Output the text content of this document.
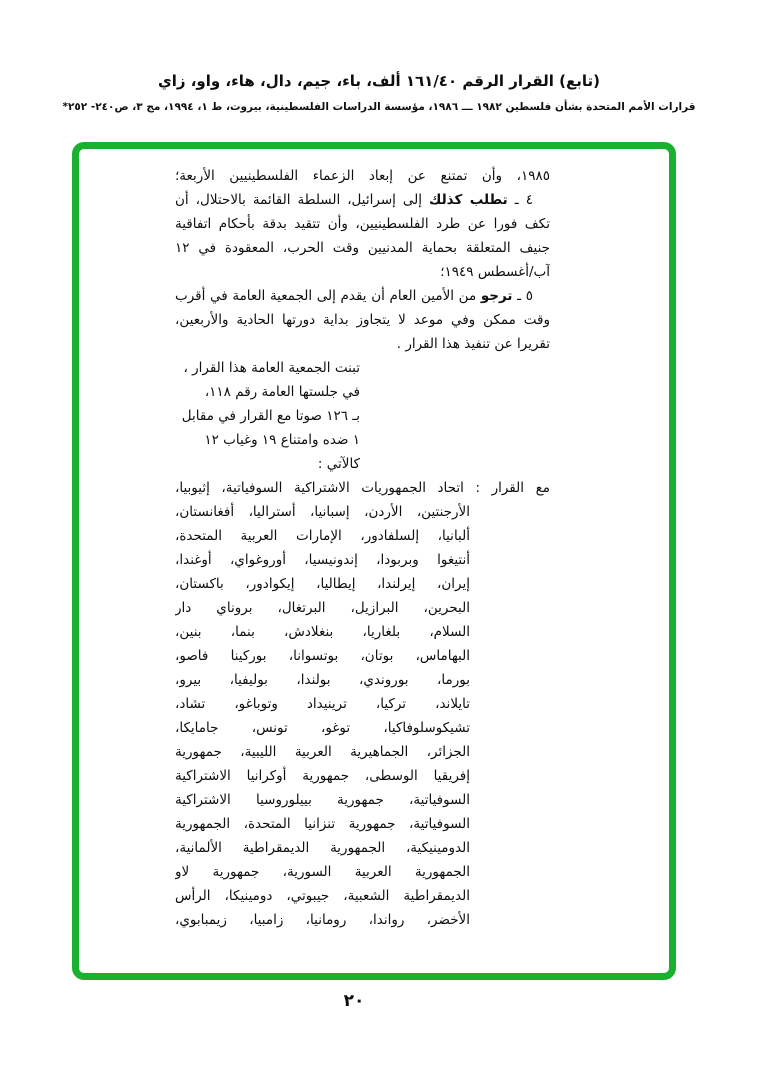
(تابع) القرار الرقم ١٦١/٤٠ ألف، باء، جيم، دال، هاء، واو، زاي
قرارات الأمم المتحدة بشأن فلسطين ١٩٨٢ ـــ ١٩٨٦، مؤسسة الدراسات الفلسطينية، بيروت، ط ١، ١٩٩٤، مج ٣، ص٢٤٠- ٢٥٢*
١٩٨٥، وأن تمتنع عن إبعاد الزعماء الفلسطينيين الأربعة؛
٤ ـ تطلب كذلك إلى إسرائيل، السلطة القائمة بالاحتلال، أن
تكف فورا عن طرد الفلسطينيين، وأن تتقيد بدقة بأحكام اتفاقية
جنيف المتعلقة بحماية المدنيين وقت الحرب، المعقودة في ١٢
آب/أغسطس ١٩٤٩؛
٥ ـ ترجو من الأمين العام أن يقدم إلى الجمعية العامة في أقرب
وقت ممكن وفي موعد لا يتجاوز بداية دورتها الحادية والأربعين،
تقريرا عن تنفيذ هذا القرار .
تبنت الجمعية العامة هذا القرار ،
في جلستها العامة رقم ١١٨،
بـ ١٢٦ صوتا مع القرار في مقابل
١ ضده وامتناع ١٩ وغياب ١٢
كالآتي :
مع القرار : اتحاد الجمهوريات الاشتراكية السوفياتية، إثيوبيا،
الأرجنتين، الأردن، إسبانيا، أستراليا، أفغانستان،
ألبانيا، إلسلفادور، الإمارات العربية المتحدة،
أنتيغوا وبربودا، إندونيسيا، أوروغواي، أوغندا،
إيران، إيرلندا، إيطاليا، إيكوادور، باكستان،
البحرين، البرازيل، البرتغال، بروناي دار
السلام، بلغاريا، بنغلادش، بنما، بنين،
البهاماس، بوتان، بوتسوانا، بوركينا فاصو،
بورما، بوروندي، بولندا، بوليفيا، بيرو،
تايلاند، تركيا، ترينيداد وتوباغو، تشاد،
تشيكوسلوفاكيا، توغو، تونس، جامايكا،
الجزائر، الجماهيرية العربية الليبية، جمهورية
إفريقيا الوسطى، جمهورية أوكرانيا الاشتراكية
السوفياتية، جمهورية بييلوروسيا الاشتراكية
السوفياتية، جمهورية تنزانيا المتحدة، الجمهورية
الدومينيكية، الجمهورية الديمقراطية الألمانية،
الجمهورية العربية السورية، جمهورية لاو
الديمقراطية الشعبية، جيبوتي، دومينيكا، الرأس
الأخضر، رواندا، رومانيا، زامبيا، زيمبابوي،
٢٠
